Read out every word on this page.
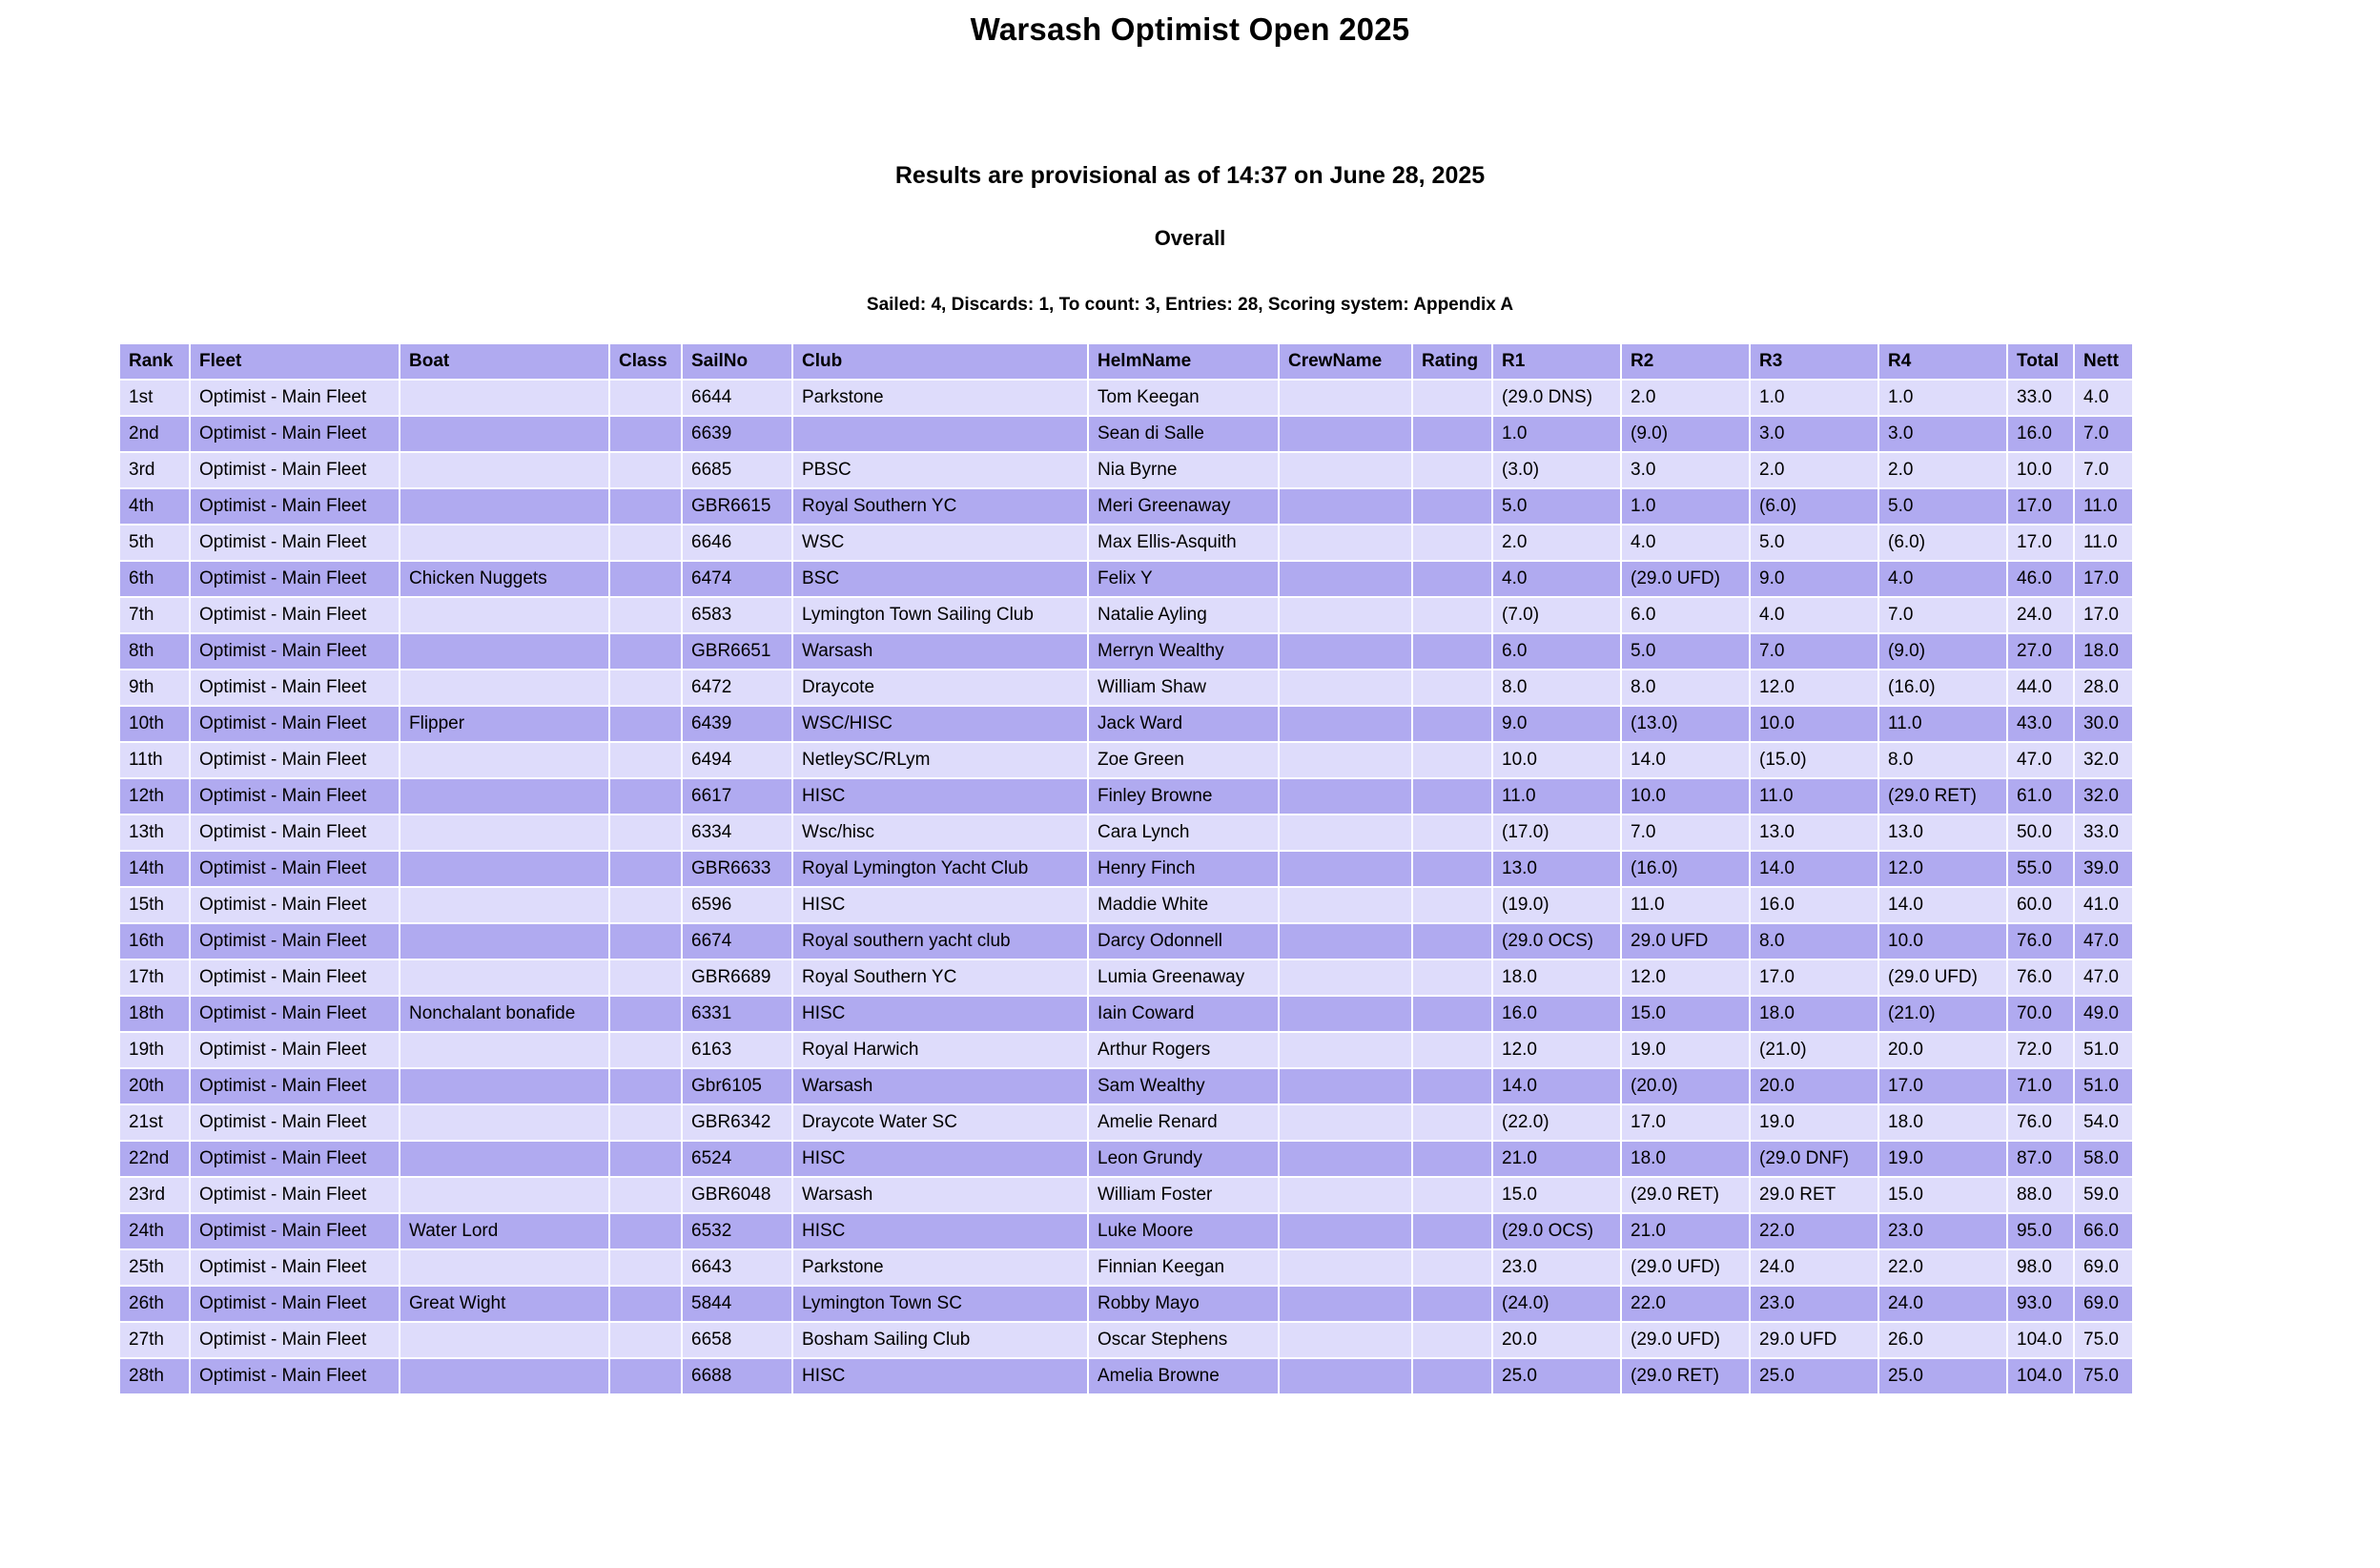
Warsash Optimist Open 2025
Results are provisional as of 14:37 on June 28, 2025
Overall
Sailed: 4, Discards: 1, To count: 3, Entries: 28, Scoring system: Appendix A
Rank	Fleet	Boat	Class	SailNo	Club	HelmName	CrewName	Rating	R1	R2	R3	R4	Total	Nett
1st	Optimist - Main Fleet			6644	Parkstone	Tom Keegan			(29.0 DNS)	2.0	1.0	1.0	33.0	4.0
2nd	Optimist - Main Fleet			6639		Sean di Salle			1.0	(9.0)	3.0	3.0	16.0	7.0
3rd	Optimist - Main Fleet			6685	PBSC	Nia Byrne			(3.0)	3.0	2.0	2.0	10.0	7.0
4th	Optimist - Main Fleet			GBR6615	Royal Southern YC	Meri Greenaway			5.0	1.0	(6.0)	5.0	17.0	11.0
5th	Optimist - Main Fleet			6646	WSC	Max Ellis-Asquith			2.0	4.0	5.0	(6.0)	17.0	11.0
6th	Optimist - Main Fleet	Chicken Nuggets		6474	BSC	Felix Y			4.0	(29.0 UFD)	9.0	4.0	46.0	17.0
7th	Optimist - Main Fleet			6583	Lymington Town Sailing Club	Natalie Ayling			(7.0)	6.0	4.0	7.0	24.0	17.0
8th	Optimist - Main Fleet			GBR6651	Warsash	Merryn Wealthy			6.0	5.0	7.0	(9.0)	27.0	18.0
9th	Optimist - Main Fleet			6472	Draycote	William Shaw			8.0	8.0	12.0	(16.0)	44.0	28.0
10th	Optimist - Main Fleet	Flipper		6439	WSC/HISC	Jack Ward			9.0	(13.0)	10.0	11.0	43.0	30.0
11th	Optimist - Main Fleet			6494	NetleySC/RLym	Zoe Green			10.0	14.0	(15.0)	8.0	47.0	32.0
12th	Optimist - Main Fleet			6617	HISC	Finley Browne			11.0	10.0	11.0	(29.0 RET)	61.0	32.0
13th	Optimist - Main Fleet			6334	Wsc/hisc	Cara Lynch			(17.0)	7.0	13.0	13.0	50.0	33.0
14th	Optimist - Main Fleet			GBR6633	Royal Lymington Yacht Club	Henry Finch			13.0	(16.0)	14.0	12.0	55.0	39.0
15th	Optimist - Main Fleet			6596	HISC	Maddie White			(19.0)	11.0	16.0	14.0	60.0	41.0
16th	Optimist - Main Fleet			6674	Royal southern yacht club	Darcy Odonnell			(29.0 OCS)	29.0 UFD	8.0	10.0	76.0	47.0
17th	Optimist - Main Fleet			GBR6689	Royal Southern YC	Lumia Greenaway			18.0	12.0	17.0	(29.0 UFD)	76.0	47.0
18th	Optimist - Main Fleet	Nonchalant bonafide		6331	HISC	Iain Coward			16.0	15.0	18.0	(21.0)	70.0	49.0
19th	Optimist - Main Fleet			6163	Royal Harwich	Arthur Rogers			12.0	19.0	(21.0)	20.0	72.0	51.0
20th	Optimist - Main Fleet			Gbr6105	Warsash	Sam Wealthy			14.0	(20.0)	20.0	17.0	71.0	51.0
21st	Optimist - Main Fleet			GBR6342	Draycote Water SC	Amelie Renard			(22.0)	17.0	19.0	18.0	76.0	54.0
22nd	Optimist - Main Fleet			6524	HISC	Leon Grundy			21.0	18.0	(29.0 DNF)	19.0	87.0	58.0
23rd	Optimist - Main Fleet			GBR6048	Warsash	William Foster			15.0	(29.0 RET)	29.0 RET	15.0	88.0	59.0
24th	Optimist - Main Fleet	Water Lord		6532	HISC	Luke Moore			(29.0 OCS)	21.0	22.0	23.0	95.0	66.0
25th	Optimist - Main Fleet			6643	Parkstone	Finnian Keegan			23.0	(29.0 UFD)	24.0	22.0	98.0	69.0
26th	Optimist - Main Fleet	Great Wight		5844	Lymington Town SC	Robby Mayo			(24.0)	22.0	23.0	24.0	93.0	69.0
27th	Optimist - Main Fleet			6658	Bosham Sailing Club	Oscar Stephens			20.0	(29.0 UFD)	29.0 UFD	26.0	104.0	75.0
28th	Optimist - Main Fleet			6688	HISC	Amelia Browne			25.0	(29.0 RET)	25.0	25.0	104.0	75.0
